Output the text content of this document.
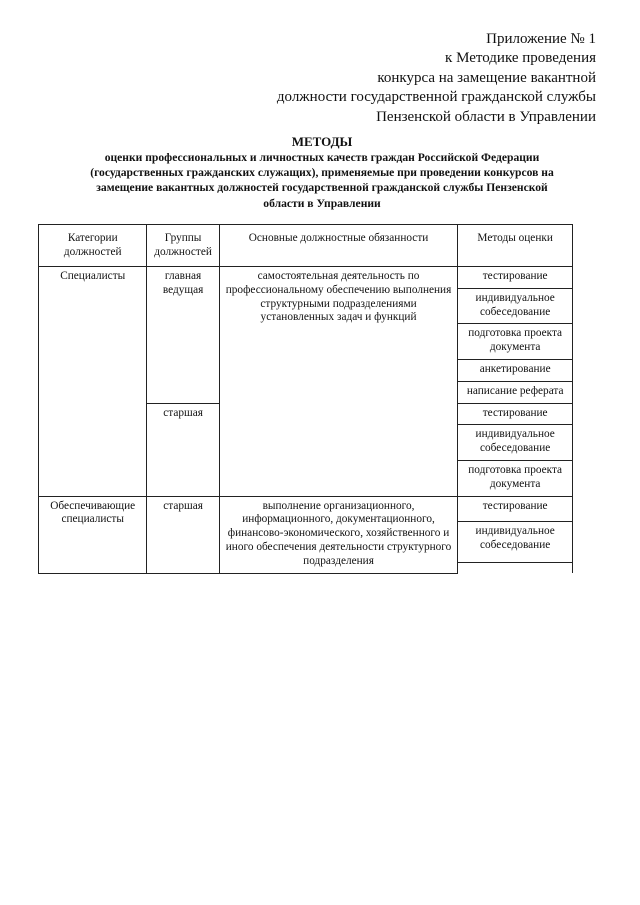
Приложение № 1
к Методике проведения
конкурса на замещение вакантной
должности государственной гражданской службы
Пензенской области в Управлении
МЕТОДЫ
оценки профессиональных и личностных качеств граждан Российской Федерации
(государственных гражданских служащих), применяемые при проведении конкурсов на
замещение вакантных должностей государственной гражданской службы Пензенской
области в Управлении
Категории должностей	Группы должностей	Основные должностные обязанности	Методы оценки
Специалисты	главная ведущая	самостоятельная деятельность по профессиональному обеспечению выполнения структурными подразделениями установленных задач и функций	тестирование
			индивидуальное собеседование
			подготовка проекта документа
			анкетирование
			написание реферата
	старшая		тестирование
			индивидуальное собеседование
			подготовка проекта документа
Обеспечивающие специалисты	старшая	выполнение организационного, информационного, документационного, финансово-экономического, хозяйственного и иного обеспечения деятельности структурного подразделения	тестирование
			индивидуальное собеседование
